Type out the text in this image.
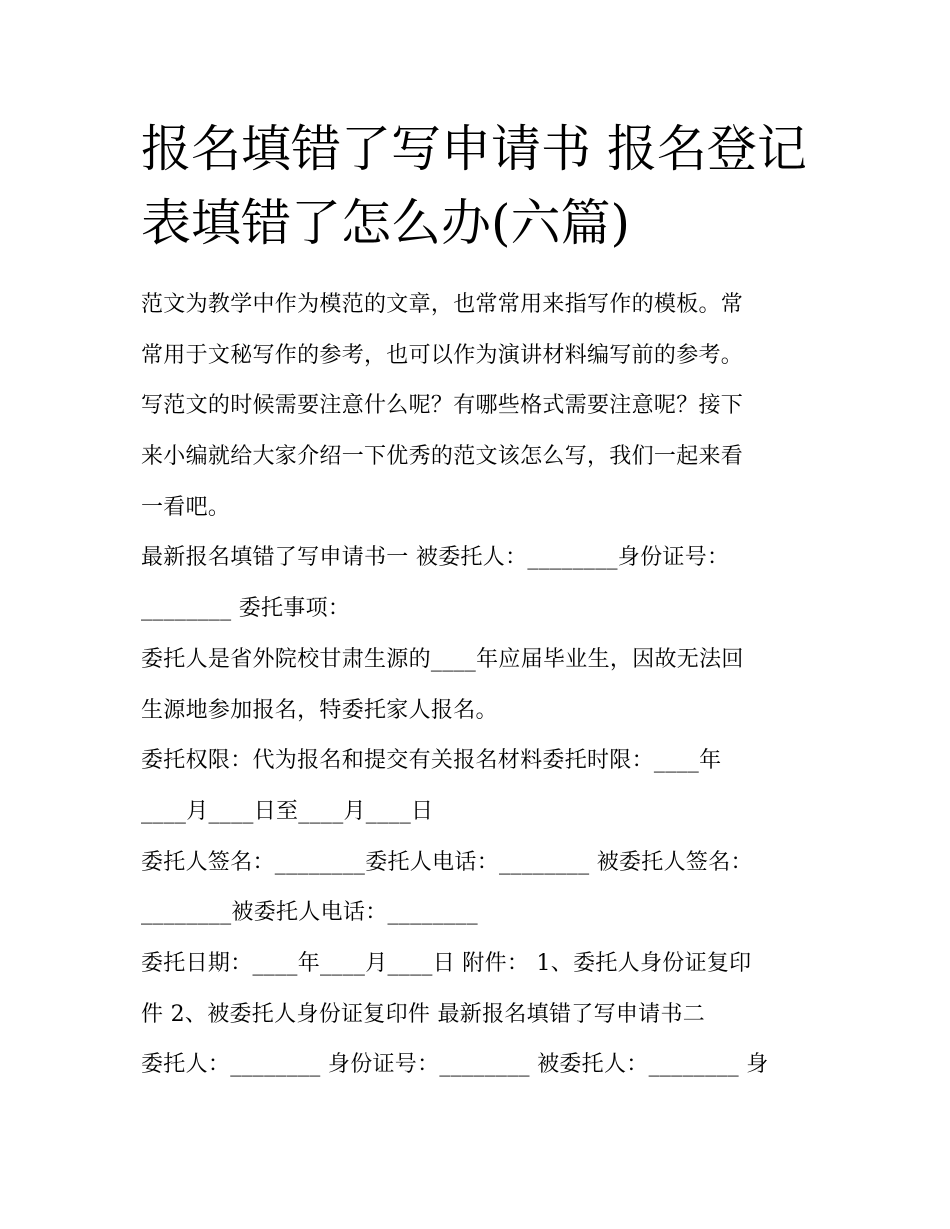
报名填错了写申请书 报名登记
表填错了怎么办(六篇)
范文为教学中作为模范的文章，也常常用来指写作的模板。常
常用于文秘写作的参考，也可以作为演讲材料编写前的参考。
写范文的时候需要注意什么呢？有哪些格式需要注意呢？接下
来小编就给大家介绍一下优秀的范文该怎么写，我们一起来看
一看吧。
最新报名填错了写申请书一 被委托人：________身份证号：
________ 委托事项：
委托人是省外院校甘肃生源的____年应届毕业生，因故无法回
生源地参加报名，特委托家人报名。
委托权限：代为报名和提交有关报名材料委托时限：____年
____月____日至____月____日
委托人签名：________委托人电话：________ 被委托人签名：
________被委托人电话：________
委托日期：____年____月____日 附件： 1、委托人身份证复印
件 2、被委托人身份证复印件 最新报名填错了写申请书二
委托人：________ 身份证号：________ 被委托人：________ 身
